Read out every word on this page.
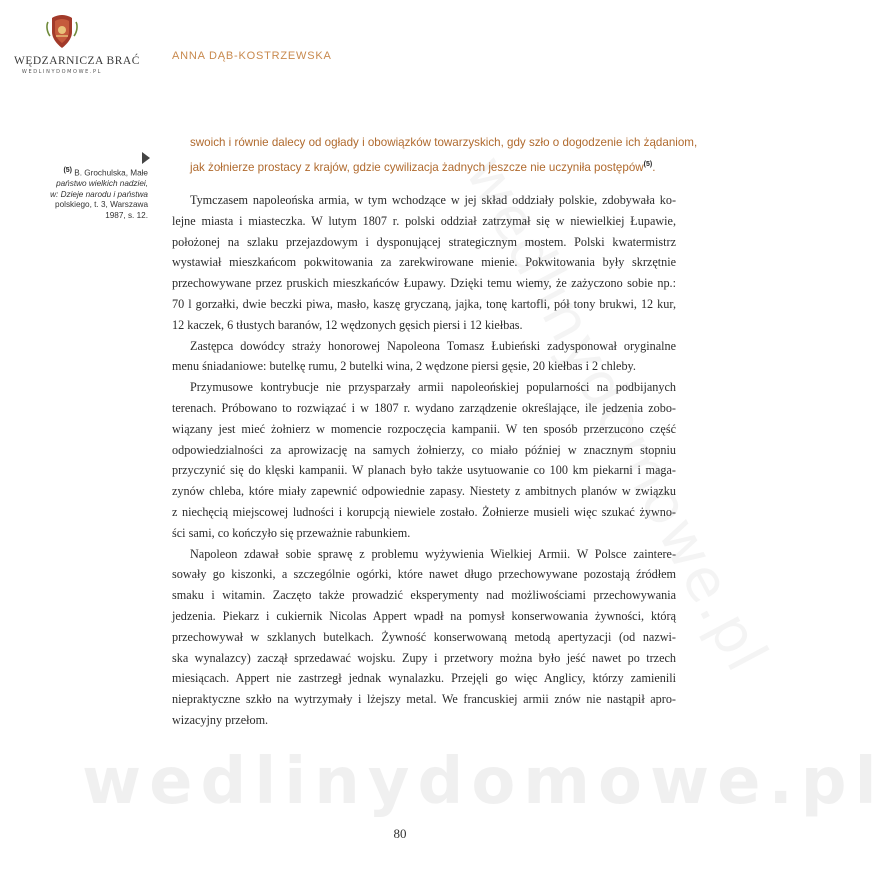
WĘDZARNICZA BRAĆ
WEDLINYDOMOWE.PL
ANNA DĄB-KOSTRZEWSKA

swoich i równie dalecy od ogłady i obowiązków towarzyskich, gdy szło o dogodzenie ich żądaniom,

jak żołnierze prostacy z krajów, gdzie cywilizacja żadnych jeszcze nie uczyniła postępów$^{(5)}$.

(5) B. Grochulska, Małe

państwo wielkich nadziei,

w: Dzieje narodu i państwa

polskiego, t. 3, Warszawa

1987, s. 12.

Tymczasem napoleońska armia, w tym wchodzące w jej skład oddziały polskie, zdobywała ko-
lejne miasta i miasteczka. W lutym 1807 r. polski oddział zatrzymał się w niewielkiej Łupawie,
położonej na szlaku przejazdowym i dysponującej strategicznym mostem. Polski kwatermistrz
wystawiał mieszkańcom pokwitowania za zarekwirowane mienie. Pokwitowania były skrzętnie
przechowywane przez pruskich mieszkańców Łupawy. Dzięki temu wiemy, że zażyczono sobie np.:
70 l gorzałki, dwie beczki piwa, masło, kaszę gryczaną, jajka, tonę kartofli, pół tony brukwi, 12 kur,
12 kaczek, 6 tłustych baranów, 12 wędzonych gęsich piersi i 12 kiełbas.
Zastępca dowódcy straży honorowej Napoleona Tomasz Łubieński zadysponował oryginalne
menu śniadaniowe: butelkę rumu, 2 butelki wina, 2 wędzone piersi gęsie, 20 kiełbas i 2 chleby.
Przymusowe kontrybucje nie przysparzały armii napoleońskiej popularności na podbijanych
terenach. Próbowano to rozwiązać i w 1807 r. wydano zarządzenie określające, ile jedzenia zobo-
wiązany jest mieć żołnierz w momencie rozpoczęcia kampanii. W ten sposób przerzucono część
odpowiedzialności za aprowizację na samych żołnierzy, co miało później w znacznym stopniu
przyczynić się do klęski kampanii. W planach było także usytuowanie co 100 km piekarni i maga-
zynów chleba, które miały zapewnić odpowiednie zapasy. Niestety z ambitnych planów w związku
z niechęcią miejscowej ludności i korupcją niewiele zostało. Żołnierze musieli więc szukać żywno-
ści sami, co kończyło się przeważnie rabunkiem.
Napoleon zdawał sobie sprawę z problemu wyżywienia Wielkiej Armii. W Polsce zaintere-
sowały go kiszonki, a szczególnie ogórki, które nawet długo przechowywane pozostają źródłem
smaku i witamin. Zaczęto także prowadzić eksperymenty nad możliwościami przechowywania
jedzenia. Piekarz i cukiernik Nicolas Appert wpadł na pomysł konserwowania żywności, którą
przechowywał w szklanych butelkach. Żywność konserwowaną metodą apertyzacji (od nazwi-
ska wynalazcy) zaczął sprzedawać wojsku. Zupy i przetwory można było jeść nawet po trzech
miesiącach. Appert nie zastrzegł jednak wynalazku. Przejęli go więc Anglicy, którzy zamienili
niepraktyczne szkło na wytrzymały i lżejszy metal. We francuskiej armii znów nie nastąpił apro-
wizacyjny przełom.
wedlinydomowe.pl
80
